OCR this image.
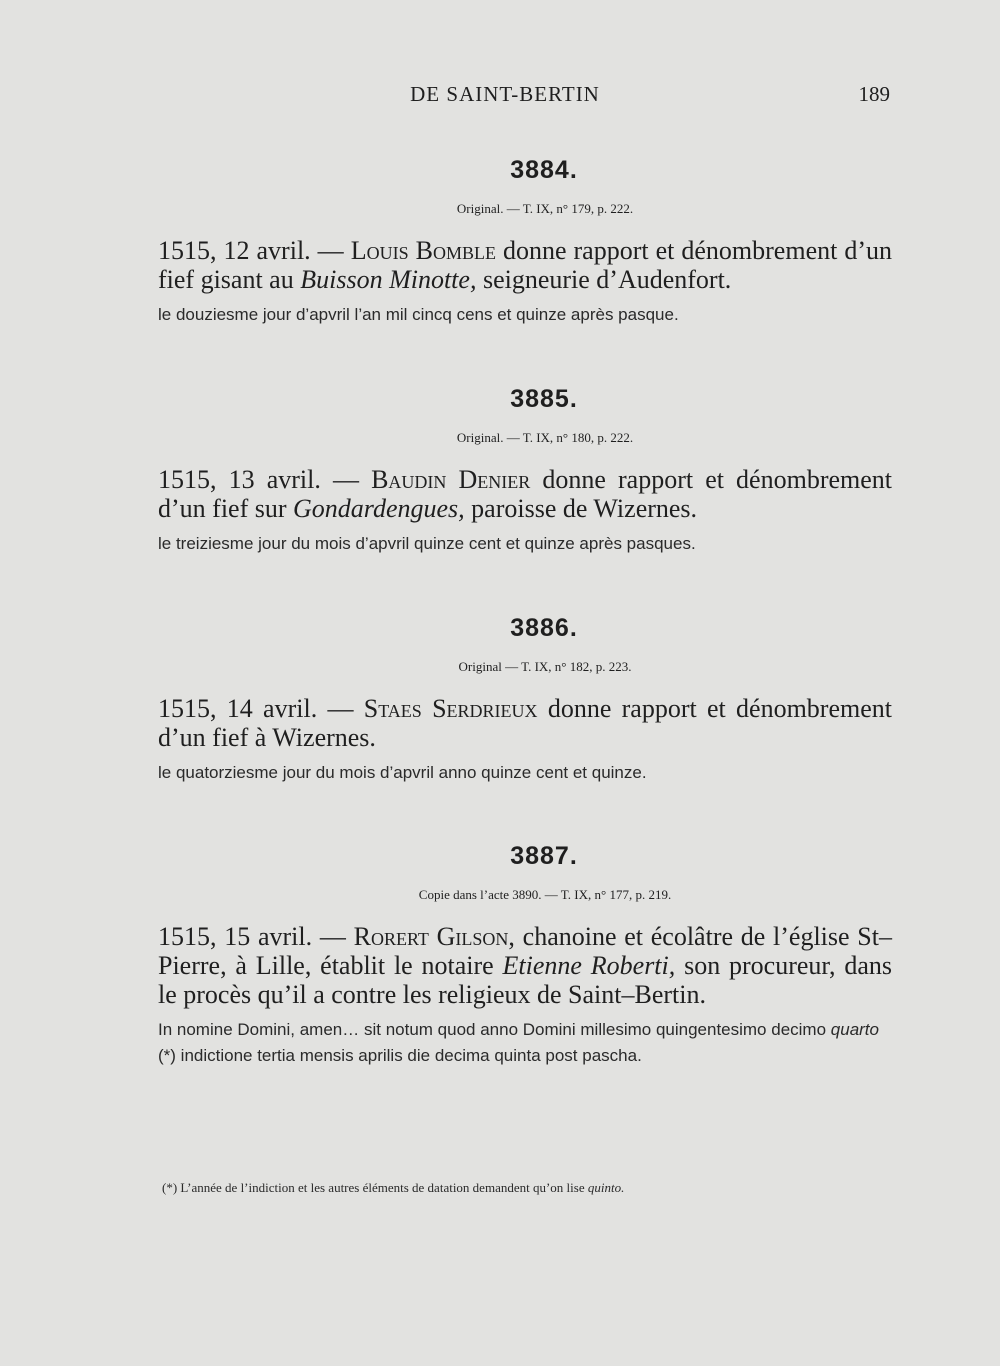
DE SAINT-BERTIN	189
3884.
Original. — T. IX, n° 179, p. 222.
1515, 12 avril. — Louis Bomble donne rapport et dénombrement d’un fief gisant au Buisson Minotte, seigneurie d’Audenfort.
le douziesme jour d’apvril l’an mil cincq cens et quinze après pasque.
3885.
Original. — T. IX, n° 180, p. 222.
1515, 13 avril. — Baudin Denier donne rapport et dénombrement d’un fief sur Gondardengues, paroisse de Wizernes.
le treiziesme jour du mois d’apvril quinze cent et quinze après pasques.
3886.
Original — T. IX, n° 182, p. 223.
1515, 14 avril. — Staes Serdrieux donne rapport et dénombrement d’un fief à Wizernes.
le quatorziesme jour du mois d’apvril anno quinze cent et quinze.
3887.
Copie dans l’acte 3890. — T. IX, n° 177, p. 219.
1515, 15 avril. — Rorert Gilson, chanoine et écolâtre de l’église St–Pierre, à Lille, établit le notaire Etienne Roberti, son procureur, dans le procès qu’il a contre les religieux de Saint–Bertin.
In nomine Domini, amen… sit notum quod anno Domini millesimo quingentesimo decimo quarto (*) indictione tertia mensis aprilis die decima quinta post pascha.
(*) L’année de l’indiction et les autres éléments de datation demandent qu’on lise quinto.
